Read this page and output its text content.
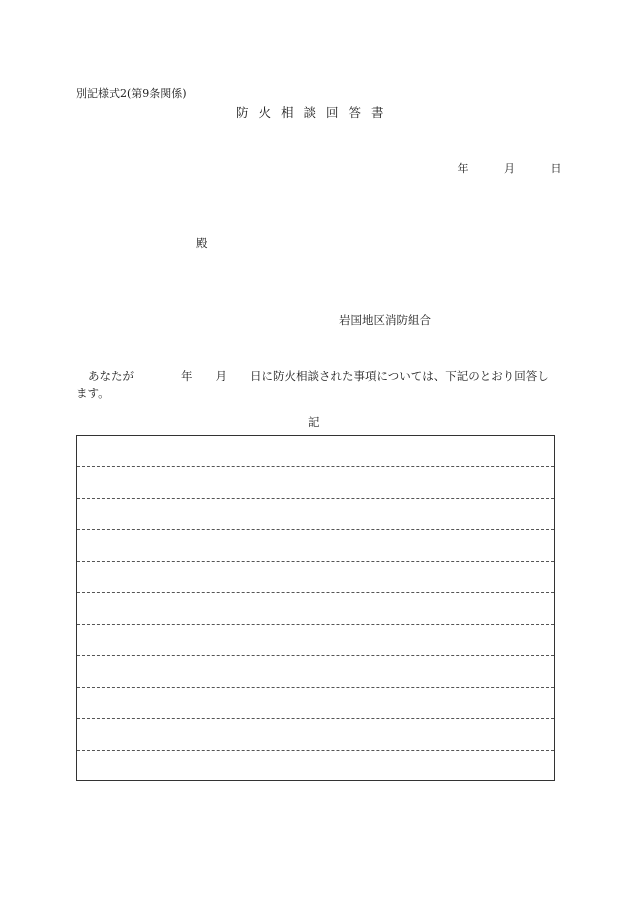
別記様式2(第9条関係)
防火相談回答書
年	月	日
殿
岩国地区消防組合
あなたが	年 月 日に防火相談された事項については、下記のとおり回答します。
記
